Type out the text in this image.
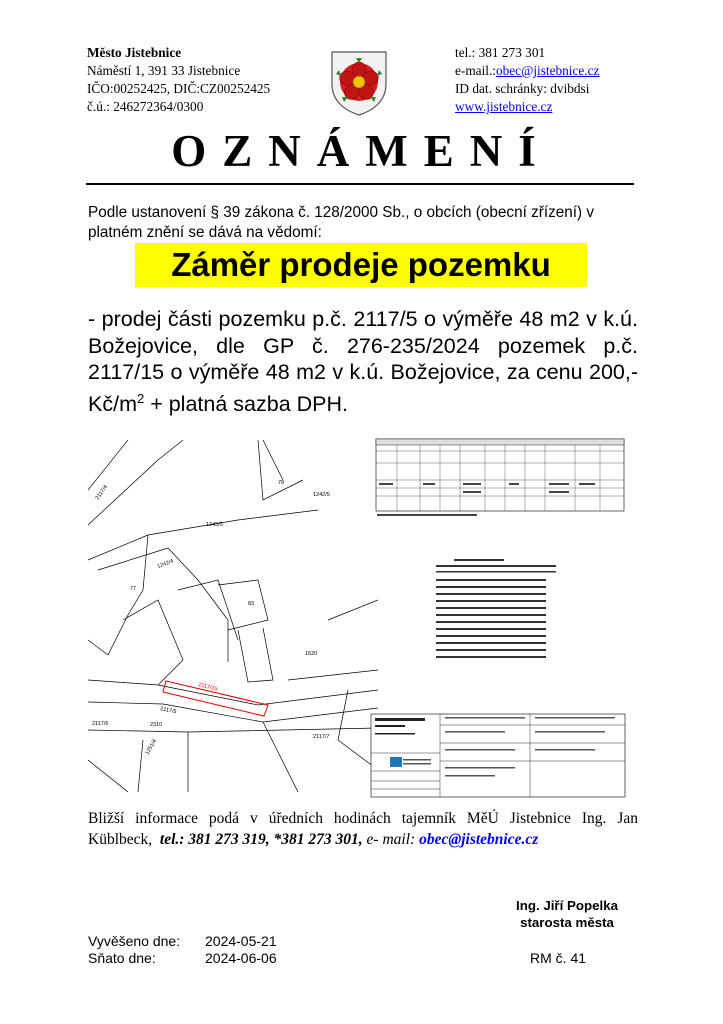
Město Jistebnice
Náměstí 1, 391 33 Jistebnice
IČO:00252425, DIČ:CZ00252425
č.ú.: 246272364/0300
tel.: 381 273 301
e-mail.:obec@jistebnice.cz
ID dat. schránky: dvibdsi
www.jistebnice.cz
OZNÁMENÍ
Podle ustanovení § 39 zákona č. 128/2000 Sb., o obcích (obecní zřízení) v platném znění se dává na vědomí:
Záměr prodeje pozemku
- prodej části pozemku p.č. 2117/5 o výměře 48 m2 v k.ú. Božejovice, dle GP č. 276-235/2024 pozemek p.č. 2117/15 o výměře 48 m2 v k.ú. Božejovice, za cenu 200,- $Kč/m^2$ + platná sazba DPH.
2117/4
2117/5
2117/15
2117/6
2117/7
1242/4
1243/5
1242/5
1251/4
2310
1520
77
78
83
Bližší informace podá v úředních hodinách tajemník MěÚ Jistebnice Ing. Jan Küblbeck, tel.: 381 273 319, *381 273 301, e- mail: obec@jistebnice.cz
Ing. Jiří Popelka
starosta města
Vyvěšeno dne:	2024-05-21
Sňato dne:	2024-06-06	RM č. 41
